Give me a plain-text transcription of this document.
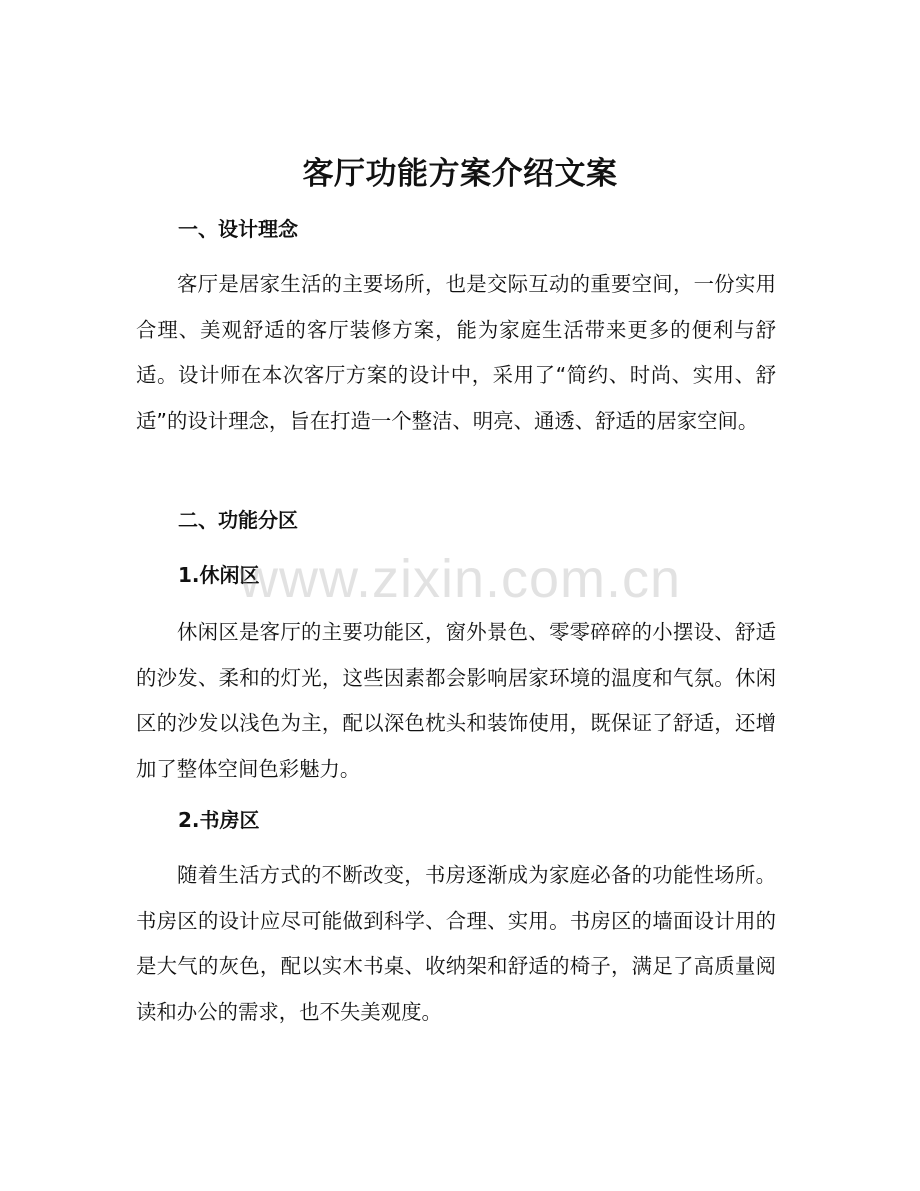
客厅功能方案介绍文案
一、设计理念

客厅是居家生活的主要场所，也是交际互动的重要空间，一份实用合理、美观舒适的客厅装修方案，能为家庭生活带来更多的便利与舒适。设计师在本次客厅方案的设计中，采用了“简约、时尚、实用、舒适”的设计理念，旨在打造一个整洁、明亮、通透、舒适的居家空间。

二、功能分区
1.休闲区

休闲区是客厅的主要功能区，窗外景色、零零碎碎的小摆设、舒适的沙发、柔和的灯光，这些因素都会影响居家环境的温度和气氛。休闲区的沙发以浅色为主，配以深色枕头和装饰使用，既保证了舒适，还增加了整体空间色彩魅力。

2.书房区

随着生活方式的不断改变，书房逐渐成为家庭必备的功能性场所。书房区的设计应尽可能做到科学、合理、实用。书房区的墙面设计用的是大气的灰色，配以实木书桌、收纳架和舒适的椅子，满足了高质量阅读和办公的需求，也不失美观度。

www.zixin.com.cn
